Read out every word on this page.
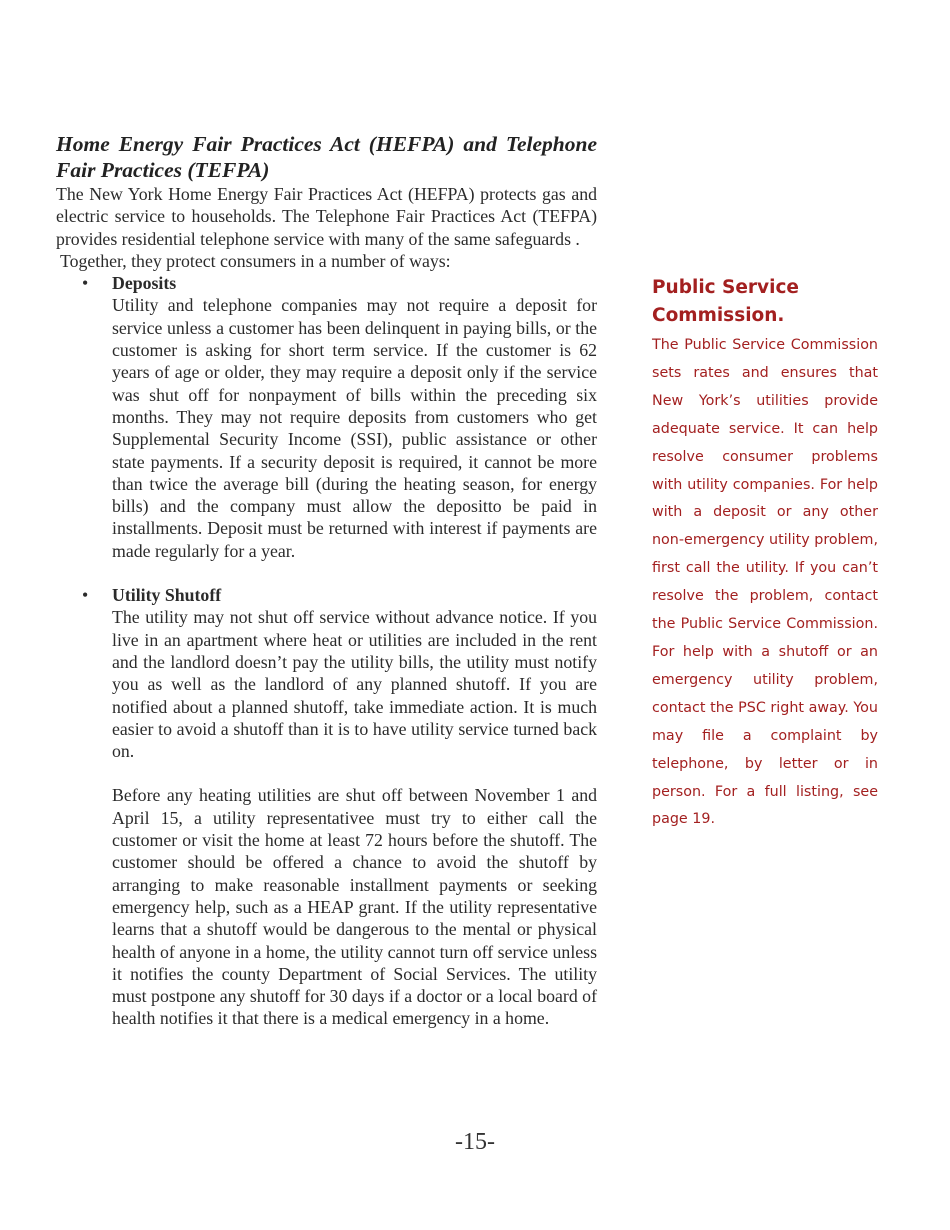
Home Energy Fair Practices Act (HEFPA) and Telephone Fair Practices (TEFPA)

The New York Home Energy Fair Practices Act (HEFPA) protects gas and electric service to households. The Telephone Fair Practices Act (TEFPA) provides residential telephone service with many of the same safeguards .

Together, they protect consumers in a number of ways:

• Deposits

Utility and telephone companies may not require a deposit for service unless a customer has been delinquent in paying bills, or the customer is asking for short term service. If the customer is 62 years of age or older, they may require a deposit only if the service was shut off for nonpayment of bills within the preceding six months. They may not require deposits from customers who get Supplemental Security Income (SSI), public assistance or other state payments. If a security deposit is required, it cannot be more than twice the average bill (during the heating season, for energy bills) and the company must allow the depositto be paid in installments. Deposit must be returned with interest if payments are made regularly for a year.

• Utility Shutoff

The utility may not shut off service without advance notice. If you live in an apartment where heat or utilities are included in the rent and the landlord doesn’t pay the utility bills, the utility must notify you as well as the landlord of any planned shutoff. If you are notified about a planned shutoff, take immediate action. It is much easier to avoid a shutoff than it is to have utility service turned back on.

Before any heating utilities are shut off between November 1 and April 15, a utility representativee must try to either call the customer or visit the home at least 72 hours before the shutoff. The customer should be offered a chance to avoid the shutoff by arranging to make reasonable installment payments or seeking emergency help, such as a HEAP grant. If the utility representative learns that a shutoff would be dangerous to the mental or physical health of anyone in a home, the utility cannot turn off service unless it notifies the county Department of Social Services. The utility must postpone any shutoff for 30 days if a doctor or a local board of health notifies it that there is a medical emergency in a home.

Public Service Commission.

The Public Service Commission sets rates and ensures that New York’s utilities provide adequate service. It can help resolve consumer problems with utility companies. For help with a deposit or any other non-emergency utility problem, first call the utility. If you can’t resolve the problem, contact the Public Service Commission. For help with a shutoff or an emergency utility problem, contact the PSC right away. You may file a complaint by telephone, by letter or in person. For a full listing, see page 19.

-15-
